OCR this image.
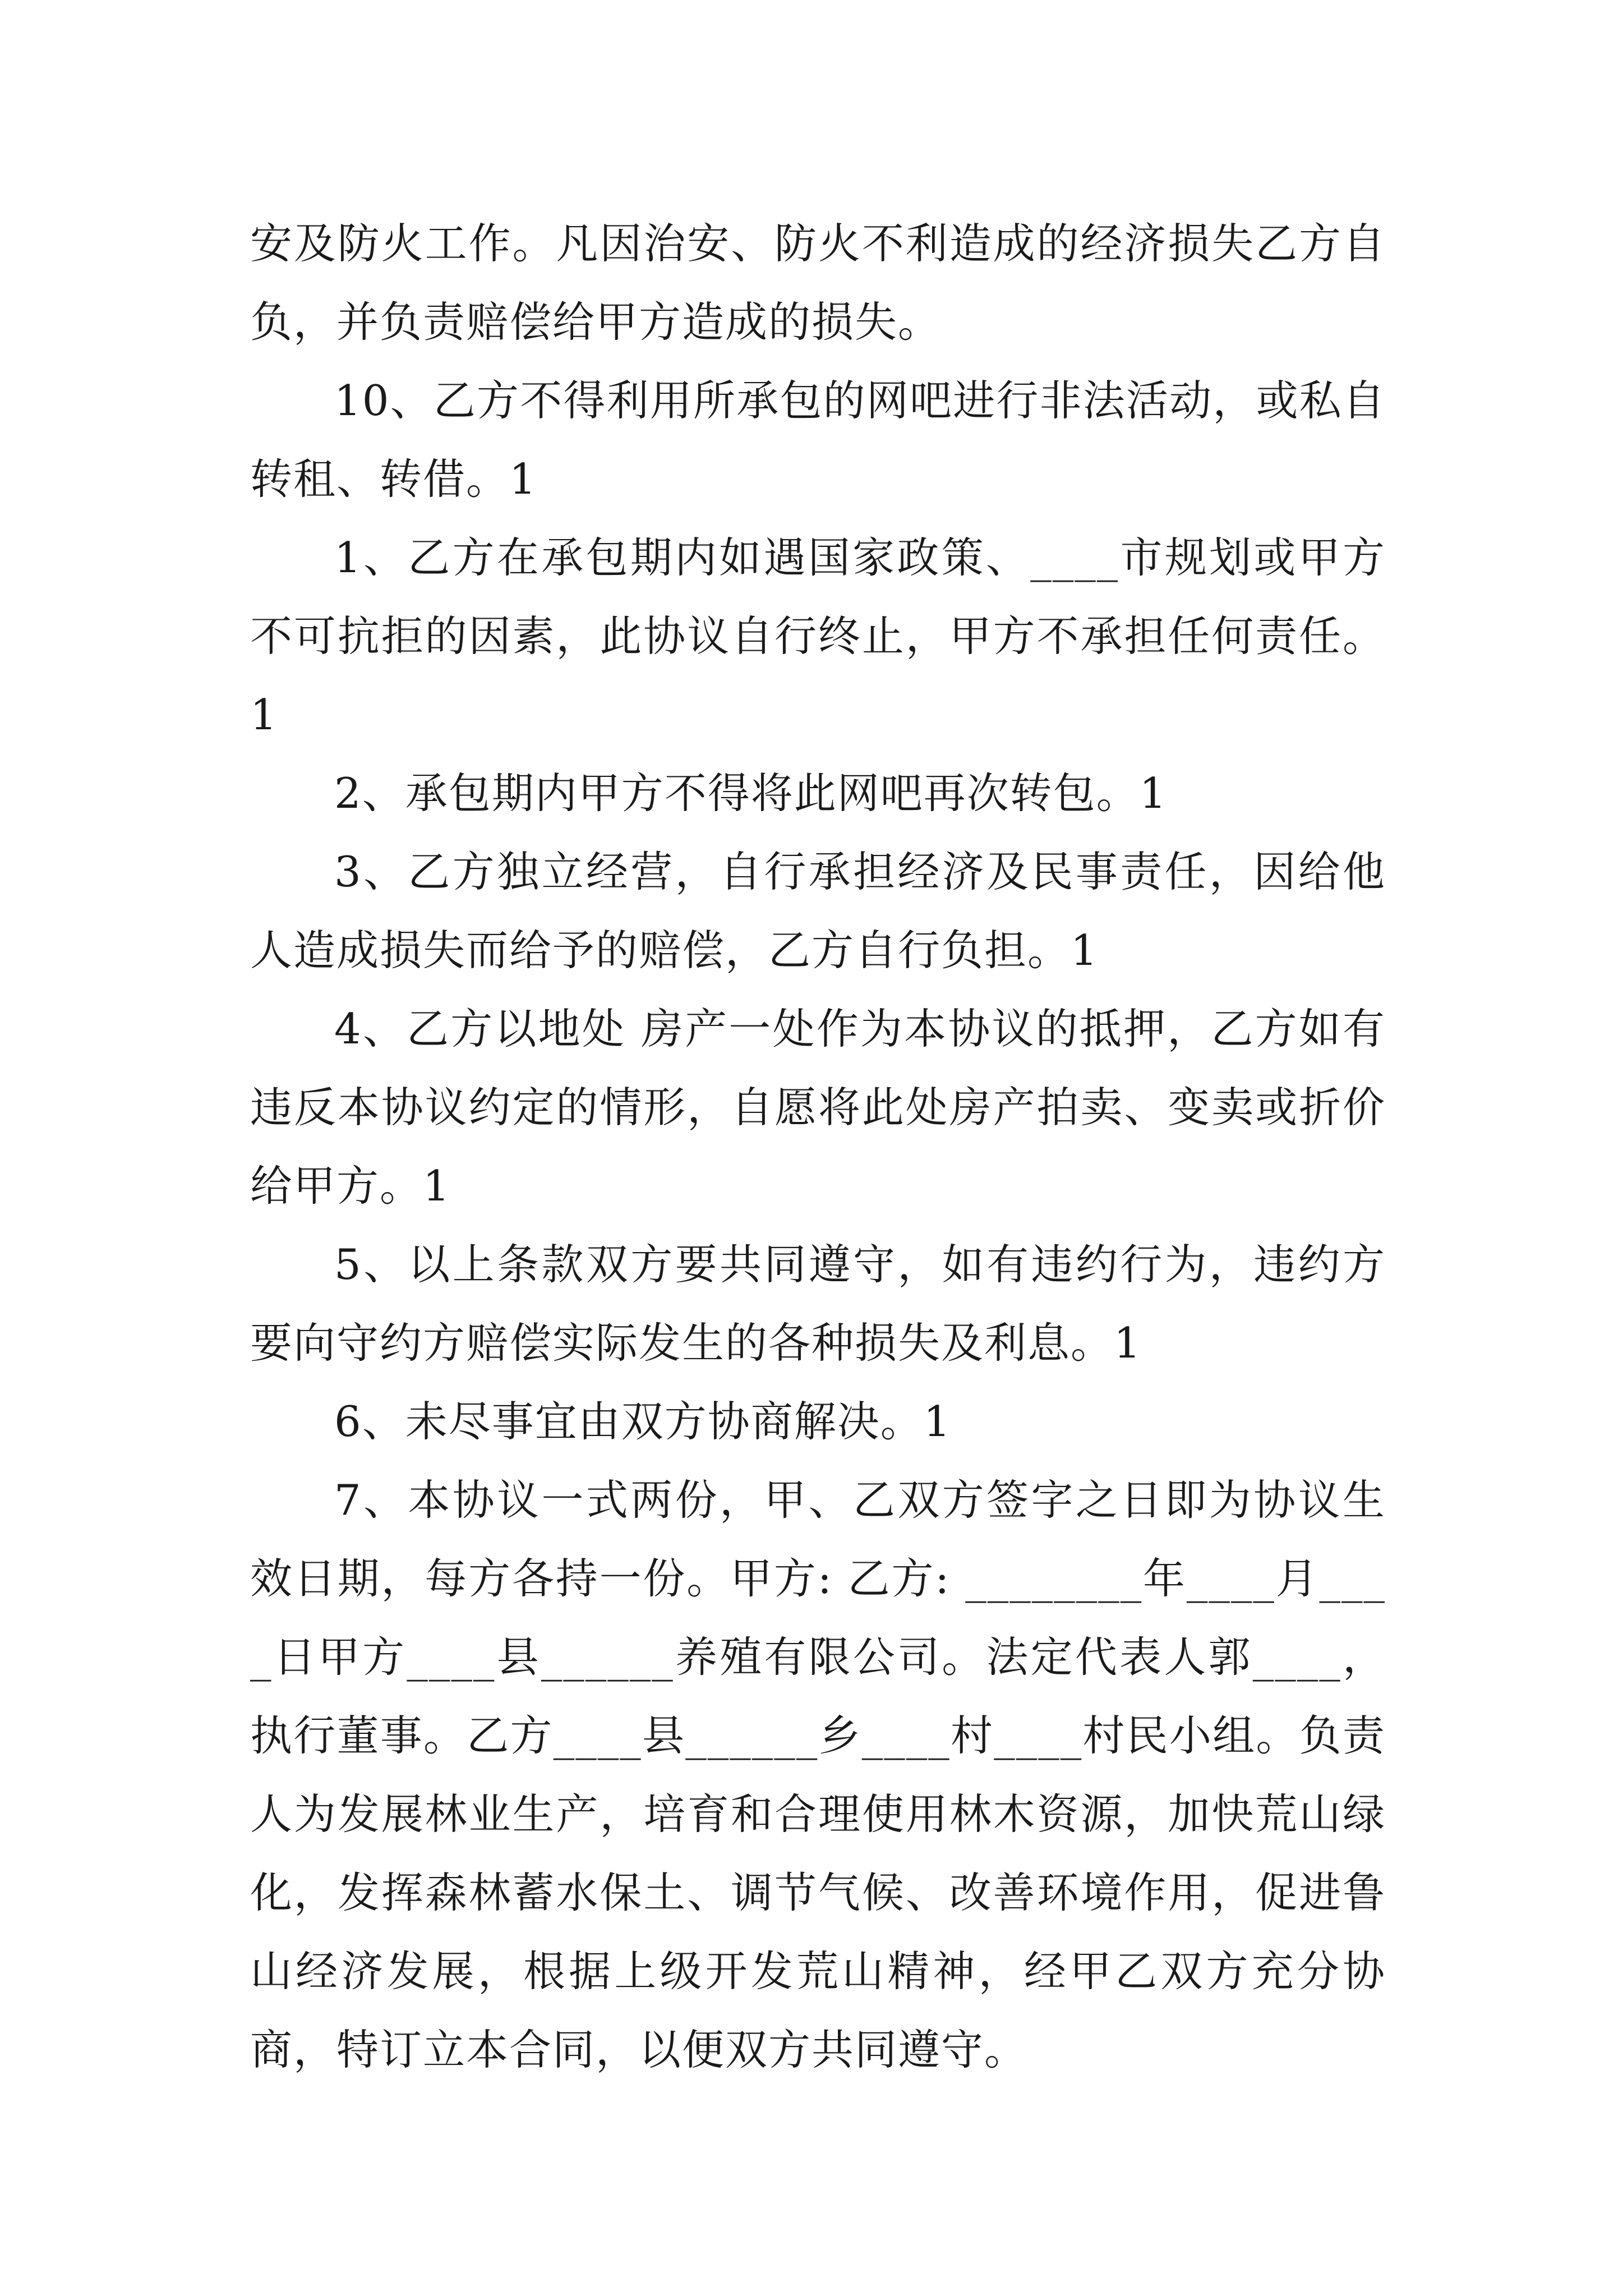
安及防火工作。凡因治安、防火不利造成的经济损失乙方自负，并负责赔偿给甲方造成的损失。

10、乙方不得利用所承包的网吧进行非法活动，或私自转租、转借。1

1、乙方在承包期内如遇国家政策、____市规划或甲方不可抗拒的因素，此协议自行终止，甲方不承担任何责任。1

2、承包期内甲方不得将此网吧再次转包。1

3、乙方独立经营，自行承担经济及民事责任，因给他人造成损失而给予的赔偿，乙方自行负担。1

4、乙方以地处 房产一处作为本协议的抵押，乙方如有违反本协议约定的情形，自愿将此处房产拍卖、变卖或折价给甲方。1

5、以上条款双方要共同遵守，如有违约行为，违约方要向守约方赔偿实际发生的各种损失及利息。1

6、未尽事宜由双方协商解决。1

7、本协议一式两份，甲、乙双方签字之日即为协议生效日期，每方各持一份。甲方: 乙方: ________年____月____日甲方____县______养殖有限公司。法定代表人郭____，执行董事。乙方____县______乡____村____村民小组。负责人为发展林业生产，培育和合理使用林木资源，加快荒山绿化，发挥森林蓄水保土、调节气候、改善环境作用，促进鲁山经济发展，根据上级开发荒山精神，经甲乙双方充分协商，特订立本合同，以便双方共同遵守。
